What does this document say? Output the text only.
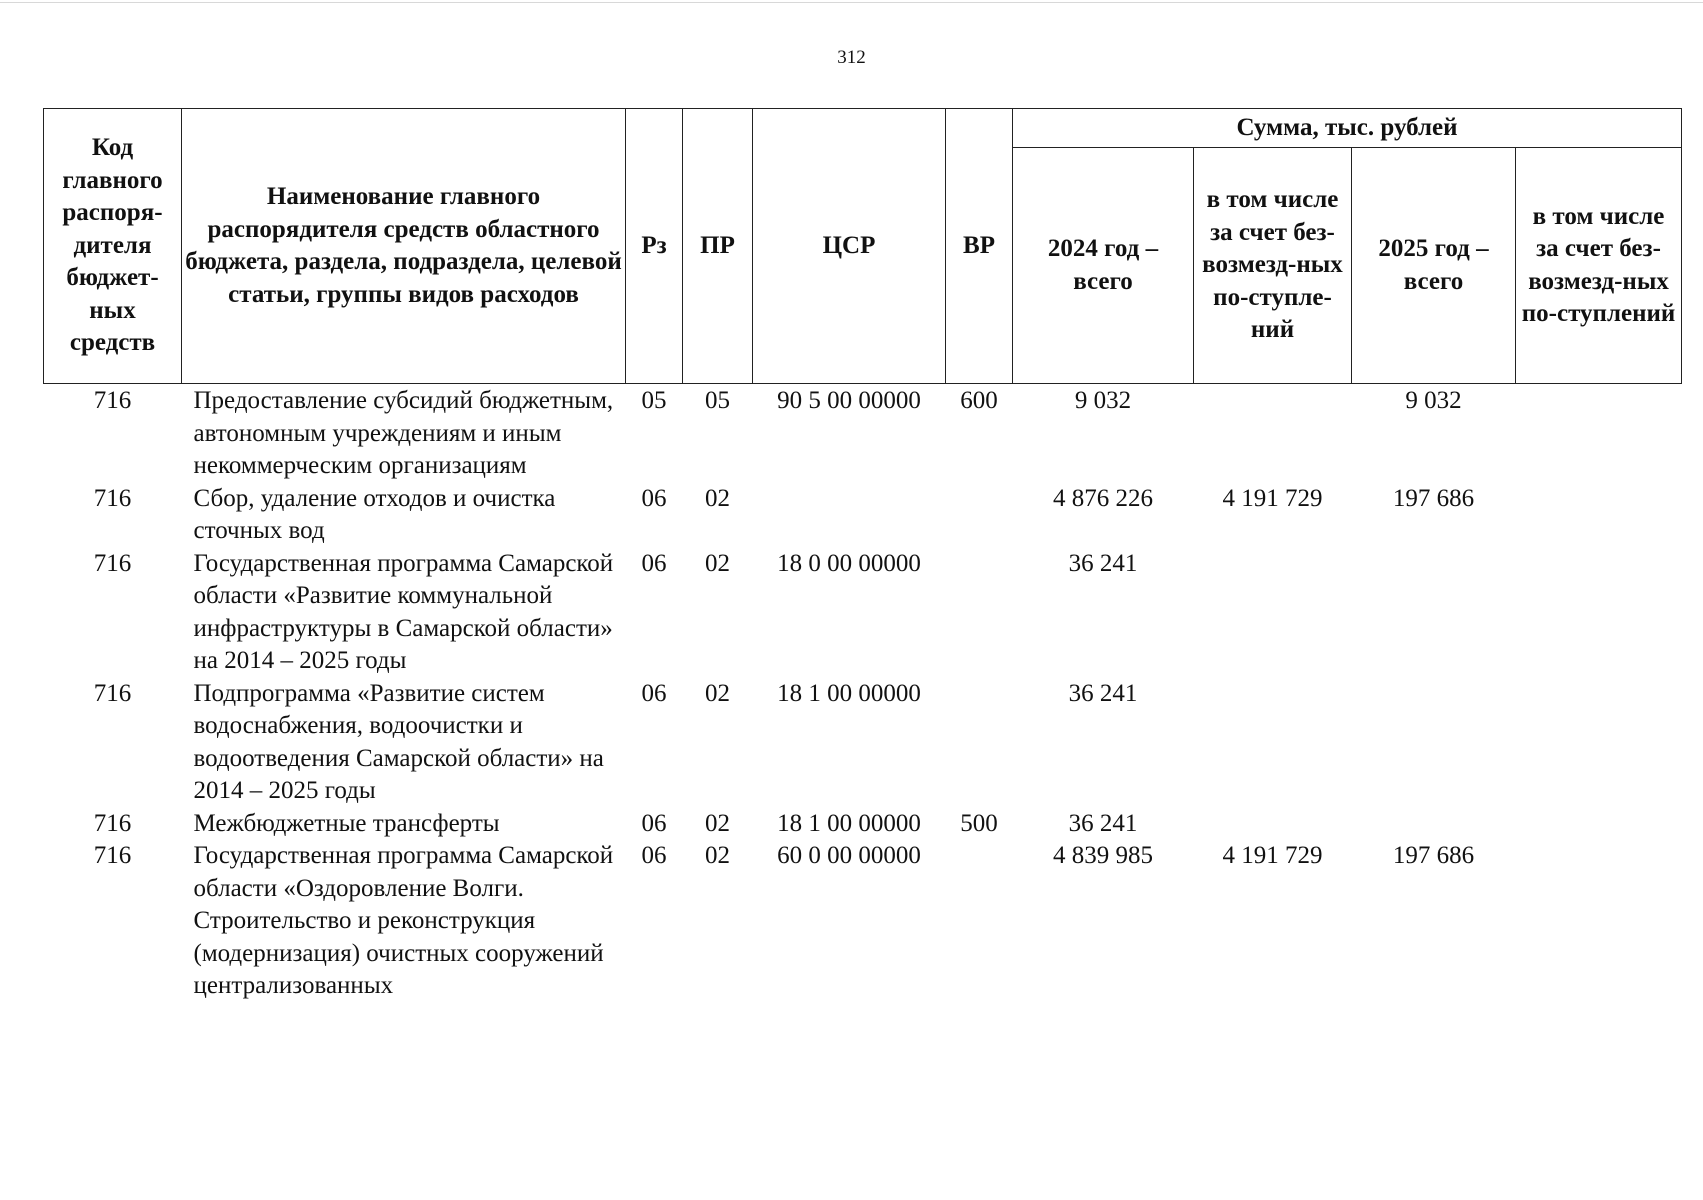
312
Код главного распоря-дителя бюджет-ных средств	Наименование главного распорядителя средств областного бюджета, раздела, подраздела, целевой статьи, группы видов расходов	Рз	ПР	ЦСР	ВР	Сумма, тыс. рублей			
						2024 год – всего	в том числе за счет без-возмезд-ных по-ступле-ний	2025 год – всего	в том числе за счет без-возмезд-ных по-ступлений
716	Предоставление субсидий бюджетным, автономным учреждениям и иным некоммерческим организациям	05	05	90 5 00 00000	600	9 032		9 032	
716	Сбор, удаление отходов и очистка сточных вод	06	02			4 876 226	4 191 729	197 686	
716	Государственная программа Самарской области «Развитие коммунальной инфраструктуры в Самарской области» на 2014 – 2025 годы	06	02	18 0 00 00000		36 241			
716	Подпрограмма «Развитие систем водоснабжения, водоочистки и водоотведения Самарской области» на 2014 – 2025 годы	06	02	18 1 00 00000		36 241			
716	Межбюджетные трансферты	06	02	18 1 00 00000	500	36 241			
716	Государственная программа Самарской области «Оздоровление Волги. Строительство и реконструкция (модернизация) очистных сооружений централизованных	06	02	60 0 00 00000		4 839 985	4 191 729	197 686	
